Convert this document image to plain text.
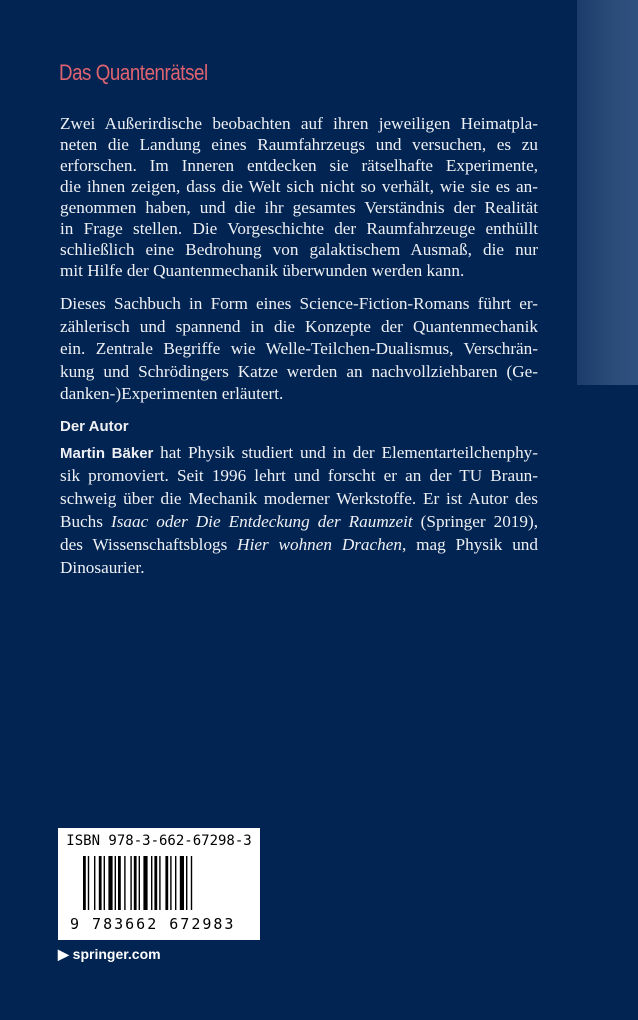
Das Quantenrätsel
Zwei Außerirdische beobachten auf ihren jeweiligen Heimatpla-
neten die Landung eines Raumfahrzeugs und versuchen, es zu
erforschen. Im Inneren entdecken sie rätselhafte Experimente,
die ihnen zeigen, dass die Welt sich nicht so verhält, wie sie es an-
genommen haben, und die ihr gesamtes Verständnis der Realität
in Frage stellen. Die Vorgeschichte der Raumfahrzeuge enthüllt
schließlich eine Bedrohung von galaktischem Ausmaß, die nur
mit Hilfe der Quantenmechanik überwunden werden kann.
Dieses Sachbuch in Form eines Science-Fiction-Romans führt er-
zählerisch und spannend in die Konzepte der Quantenmechanik
ein. Zentrale Begriffe wie Welle-Teilchen-Dualismus, Verschrän-
kung und Schrödingers Katze werden an nachvollziehbaren (Ge-
danken-)Experimenten erläutert.
Der Autor
Martin Bäker hat Physik studiert und in der Elementarteilchenphy-
sik promoviert. Seit 1996 lehrt und forscht er an der TU Braun-
schweig über die Mechanik moderner Werkstoffe. Er ist Autor des
Buchs Isaac oder Die Entdeckung der Raumzeit (Springer 2019),
des Wissenschaftsblogs Hier wohnen Drachen, mag Physik und
Dinosaurier.
ISBN 978-3-662-67298-3
9 783662 672983
▶ springer.com
